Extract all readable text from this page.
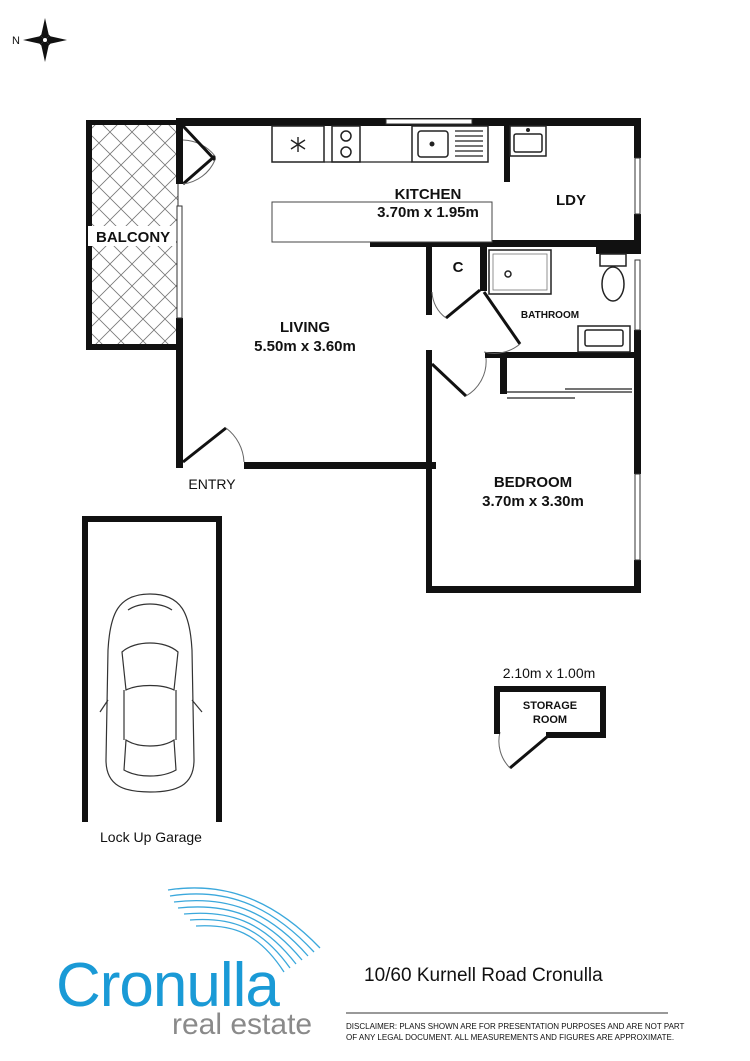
N
BALCONY
KITCHEN
3.70m x 1.95m
LDY
C
BATHROOM
LIVING
5.50m x 3.60m
BEDROOM
3.70m x 3.30m
ENTRY
Lock Up Garage
2.10m x 1.00m
STORAGE
ROOM
Cronulla
real estate
10/60 Kurnell Road Cronulla
DISCLAIMER: PLANS SHOWN ARE FOR PRESENTATION PURPOSES AND ARE NOT PART
OF ANY LEGAL DOCUMENT. ALL MEASUREMENTS AND FIGURES ARE APPROXIMATE.
